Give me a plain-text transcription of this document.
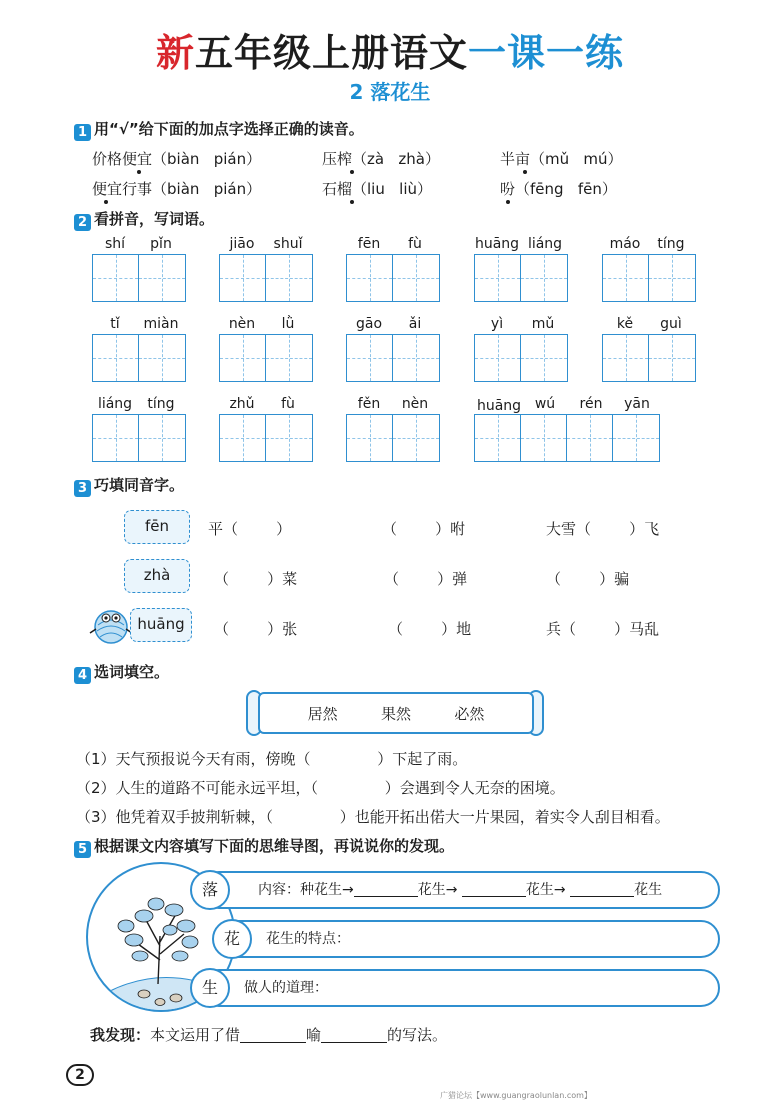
新五年级上册语文一课一练
2 落花生
1 用“√”给下面的加点字选择正确的读音。
价格便宜（biàn   pián）	压榨（zà   zhà）	半亩（mǔ   mú）
便宜行事（biàn   pián）	石榴（liu   liù）	吩（fēng   fēn）
2 看拼音，写词语。
shí	pǐn	jiāo	shuǐ	fēn	fù	huāng liáng	máo	tíng
tǐ	miàn	nèn	lǜ	gāo	ǎi	yì	mǔ	kě	guì
liáng	tíng	zhǔ	fù	fěn	nèn	huāng wú	rén	yān
3 巧填同音字。
fēn	平（        ）	（        ）咐	大雪（        ）飞
zhà	（        ）菜	（        ）弹	（        ）骗
huāng	（        ）张	（        ）地	兵（        ）马乱
4 选词填空。
居然	果然	必然
（1）天气预报说今天有雨，傍晚（              ）下起了雨。
（2）人生的道路不可能永远平坦，（              ）会遇到令人无奈的困境。
（3）他凭着双手披荆斩棘，（              ）也能开拓出偌大一片果园，着实令人刮目相看。
5 根据课文内容填写下面的思维导图，再说说你的发现。
内容：种花生→	花生→	花生→	花生
花生的特点：
做人的道理：
落
花
生
我发现：本文运用了借	喻	的写法。
2
广猎论坛【www.guangraolunlan.com】
